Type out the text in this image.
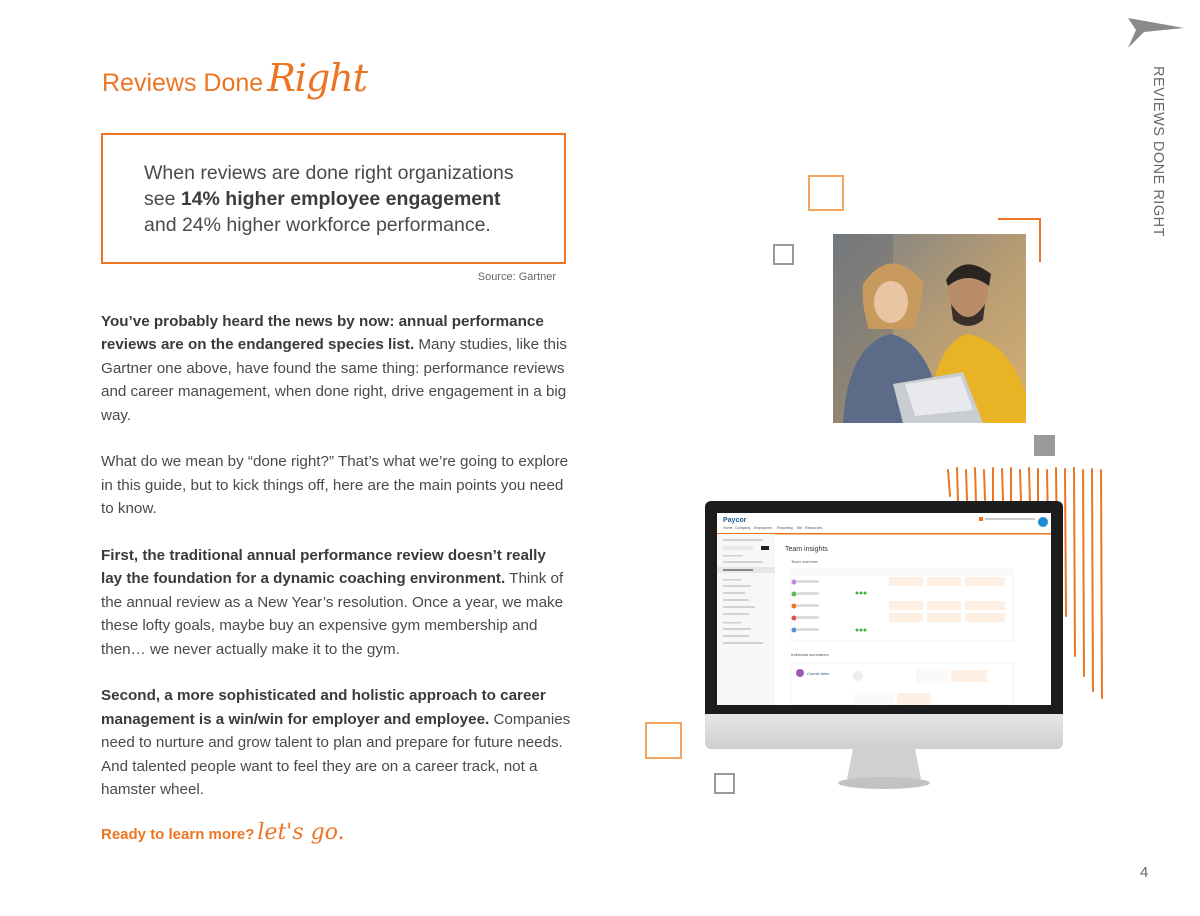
Reviews Done Right	REVIEWS DONE RIGHT

When reviews are done right organizations
see 14% higher employee engagement
and 24% higher workforce performance.

Source: Gartner

You’ve probably heard the news by now: annual performance reviews are on the endangered species list. Many studies, like this Gartner one above, have found the same thing: performance reviews and career management, when done right, drive engagement in a big way.

What do we mean by “done right?” That’s what we’re going to explore in this guide, but to kick things off, here are the main points you need to know.

First, the traditional annual performance review doesn’t really lay the foundation for a dynamic coaching environment. Think of the annual review as a New Year’s resolution. Once a year, we make these lofty goals, maybe buy an expensive gym membership and then… we never actually make it to the gym.

Second, a more sophisticated and holistic approach to career management is a win/win for employer and employee. Companies need to nurture and grow talent to plan and prepare for future needs. And talented people want to feel they are on a career track, not a hamster wheel.

Ready to learn more? let's go.
Paycor
Home Company Employees Reporting Me Resources
Team insights
Team overview
Individual summaries
Connie Allen
4
